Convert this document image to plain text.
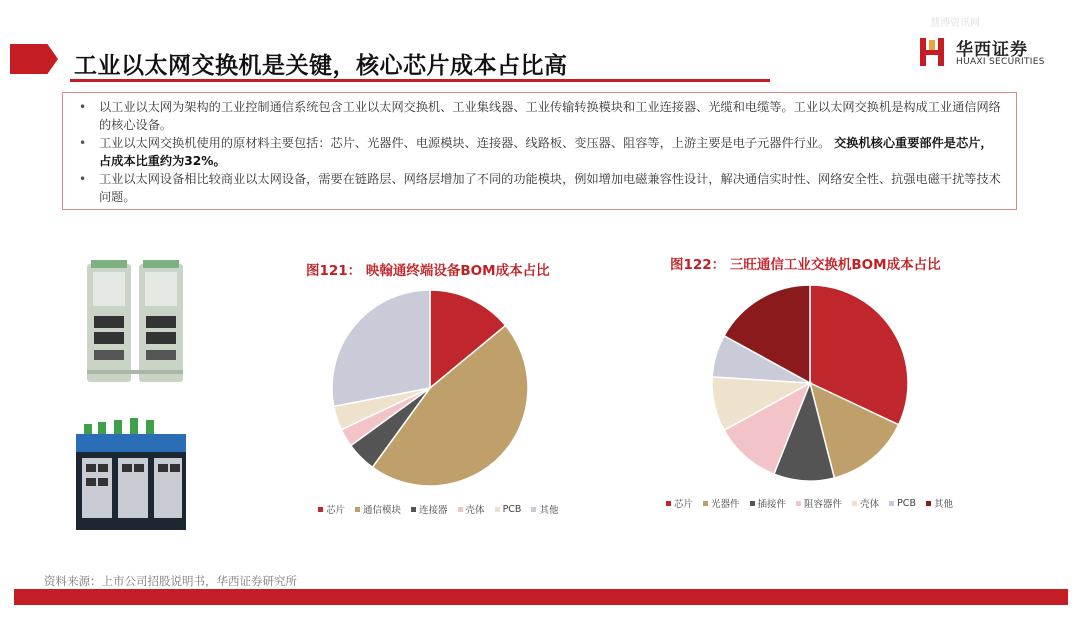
工业以太网交换机是关键，核心芯片成本占比高
慧博资讯网
华西证券
HUAXI SECURITIES
• 以工业以太网为架构的工业控制通信系统包含工业以太网交换机、工业集线器、工业传输转换模块和工业连接器、光缆和电缆等。工业以太网交换机是构成工业通信网络的核心设备。
• 工业以太网交换机使用的原材料主要包括：芯片、光器件、电源模块、连接器、线路板、变压器、阻容等，上游主要是电子元器件行业。 交换机核心重要部件是芯片，占成本比重约为32%。
• 工业以太网设备相比较商业以太网设备，需要在链路层、网络层增加了不同的功能模块，例如增加电磁兼容性设计，解决通信实时性、网络安全性、抗强电磁干扰等技术问题。
图121： 映翰通终端设备BOM成本占比
芯片 通信模块 连接器 壳体 PCB 其他
图122： 三旺通信工业交换机BOM成本占比
芯片 光器件 插接件 阻容器件 壳体 PCB 其他
资料来源：上市公司招股说明书，华西证券研究所
